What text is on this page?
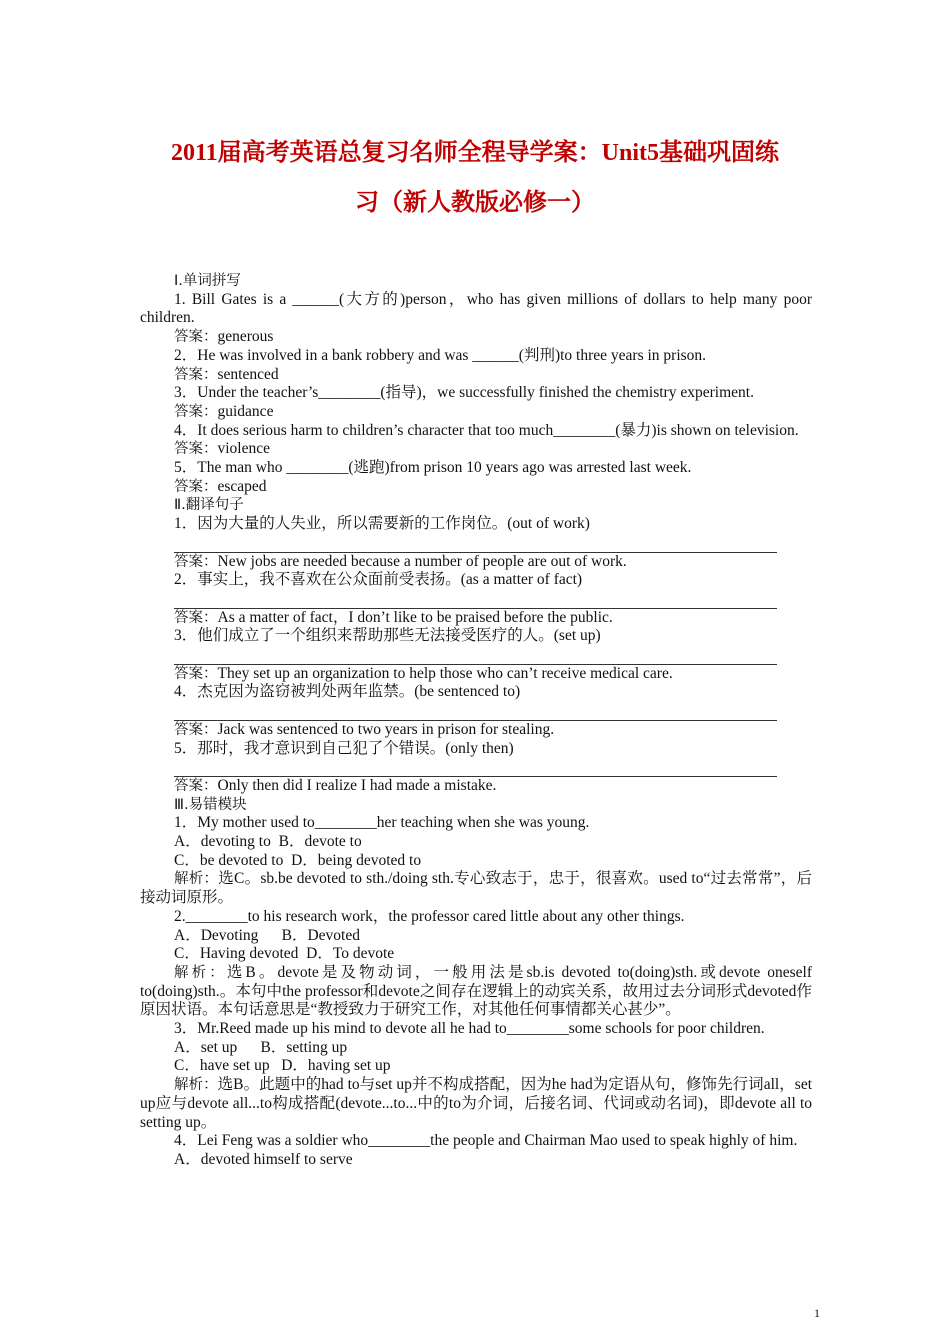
2011届高考英语总复习名师全程导学案：Unit5基础巩固练
习（新人教版必修一）
Ⅰ.单词拼写
1. Bill Gates is a ______(大方的)person，who has given millions of dollars to help many poor children.
答案：generous
2．He was involved in a bank robbery and was ______(判刑)to three years in prison.
答案：sentenced
3．Under the teacher’s________(指导)，we successfully finished the chemistry experiment.
答案：guidance
4．It does serious harm to children’s character that too much________(暴力)is shown on television.
答案：violence
5．The man who ________(逃跑)from prison 10 years ago was arrested last week.
答案：escaped
Ⅱ.翻译句子
1．因为大量的人失业，所以需要新的工作岗位。(out of work)
答案：New jobs are needed because a number of people are out of work.
2．事实上，我不喜欢在公众面前受表扬。(as a matter of fact)
答案：As a matter of fact，I don’t like to be praised before the public.
3．他们成立了一个组织来帮助那些无法接受医疗的人。(set up)
答案：They set up an organization to help those who can’t receive medical care.
4．杰克因为盗窃被判处两年监禁。(be sentenced to)
答案：Jack was sentenced to two years in prison for stealing.
5．那时，我才意识到自己犯了个错误。(only then)
答案：Only then did I realize I had made a mistake.
Ⅲ.易错模块
1．My mother used to________her teaching when she was young.
A．devoting to  B．devote to
C．be devoted to  D．being devoted to
解析：选C。sb.be devoted to sth./doing sth.专心致志于，忠于，很喜欢。used to“过去常常”，后接动词原形。
2.________to his research work，the professor cared little about any other things.
A．Devoting      B．Devoted
C．Having devoted  D．To devote
解析：选B。devote是及物动词，一般用法是sb.is devoted to(doing)sth.或devote oneself to(doing)sth.。本句中the professor和devote之间存在逻辑上的动宾关系，故用过去分词形式devoted作原因状语。本句话意思是“教授致力于研究工作，对其他任何事情都关心甚少”。
3．Mr.Reed made up his mind to devote all he had to________some schools for poor children.
A．set up      B．setting up
C．have set up   D．having set up
解析：选B。此题中的had to与set up并不构成搭配，因为he had为定语从句，修饰先行词all，set up应与devote all...to构成搭配(devote...to...中的to为介词，后接名词、代词或动名词)，即devote all to setting up。
4．Lei Feng was a soldier who________the people and Chairman Mao used to speak highly of him.
A．devoted himself to serve
1
